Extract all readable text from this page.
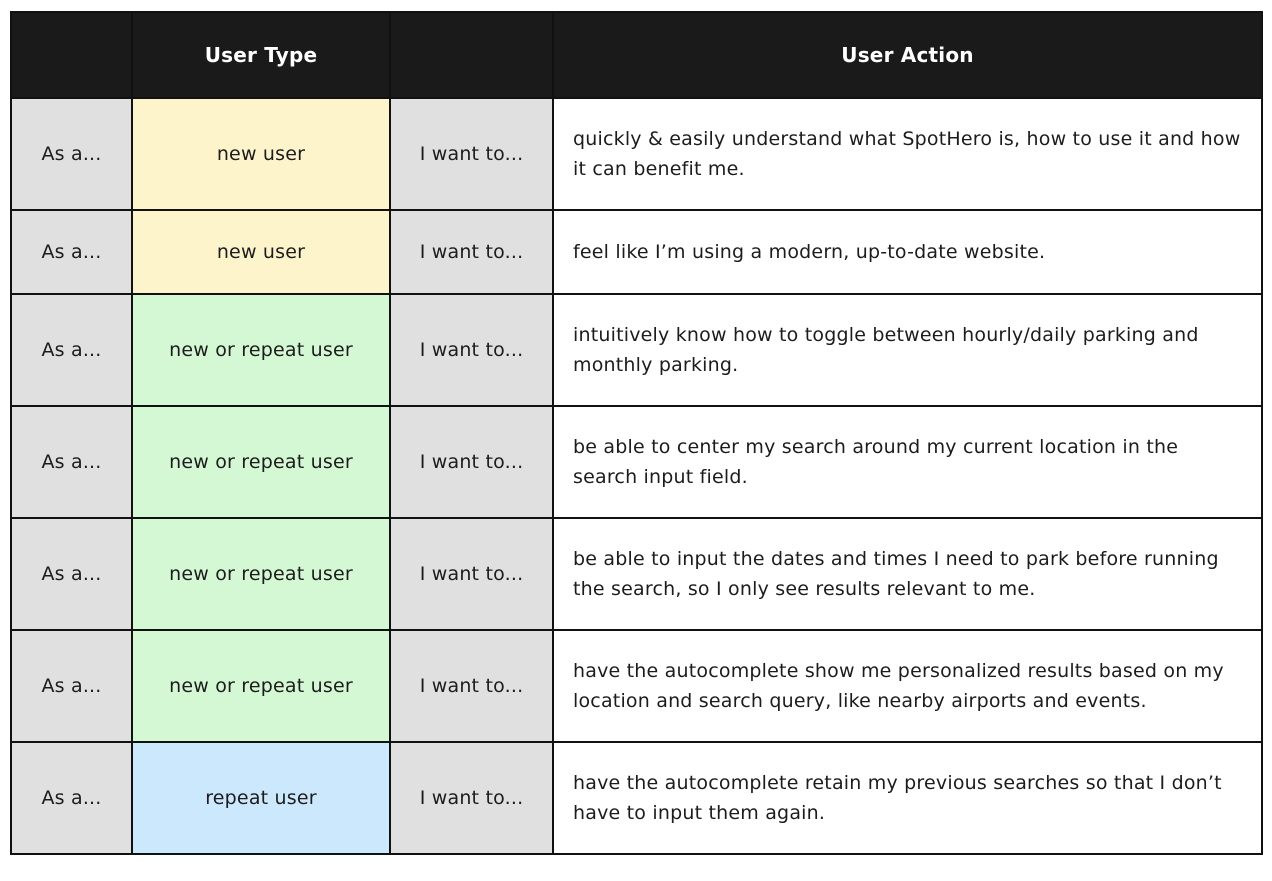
	User Type		User Action
As a...	new user	I want to...	quickly & easily understand what SpotHero is, how to use it and how it can benefit me.
As a...	new user	I want to...	feel like I’m using a modern, up-to-date website.
As a...	new or repeat user	I want to...	intuitively know how to toggle between hourly/daily parking and monthly parking.
As a...	new or repeat user	I want to...	be able to center my search around my current location in the search input field.
As a...	new or repeat user	I want to...	be able to input the dates and times I need to park before running the search, so I only see results relevant to me.
As a...	new or repeat user	I want to...	have the autocomplete show me personalized results based on my location and search query, like nearby airports and events.
As a...	repeat user	I want to...	have the autocomplete retain my previous searches so that I don’t have to input them again.
